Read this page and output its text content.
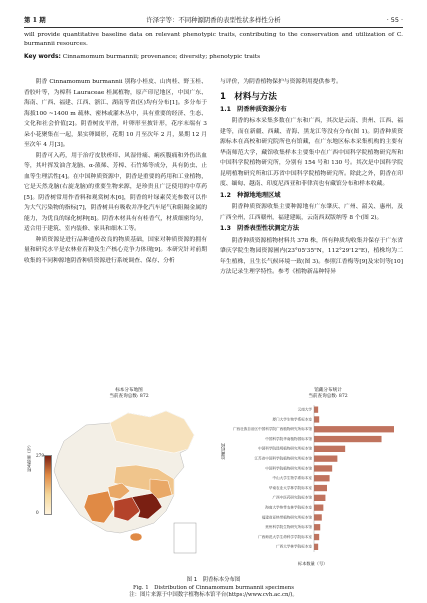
第 1 期	许泽宇等：不同种源阴香的表型性状多样性分析	· 55 ·
will provide quantitative baseline data on relevant phenotypic traits, contributing to the conservation and utilization of C. burmannii resources.
Key words: Cinnamomum burmannii; provenance; diversity; phenotypic traits

阴香 Cinnamomum burmannii 别称小桂皮、山肉桂、野玉桂、香胶叶等，为樟科 Lauraceae 桂属植物，原产印尼地区，中国广东、海南、广西、福建、江西、浙江、湖南等省(区)均有分布[1]。多分布于海拔100 ~1400 m 疏林、密林或灌木丛中，具有重要的经济、生态、文化和社会价值[2]。阴香树皮平滑，叶卵形至披针形，花序末端有 3 朵小花聚集在一起，果实卵圆形，花期 10 月至次年 2 月，果期 12 月至次年 4 月[3]。

阴香可入药，用于治疗皮肤疥痒、风湿骨痛、痢疾腹痛和外伤出血等，其叶挥发油含龙脑、α-蒎烯、芳樟、石竹烯等成分，具有防虫、止血等生理活性[4]。在中国种质资源中，阴香是重要的药用和工业植物，它是天然龙脑(右旋龙脑)的重要生物来源，是珍贵且广泛使用的中草药[5]。阴香树常用作香料和观赏树木[6]，阴香的叶绿素荧光参数可以作为大气污染物的指标[7]，阴香树具有吸收并净化汽车尾气和阻隔金属的能力，为优良的绿化树种[8]。阴香木材具有有桂香气，材质细密均匀，适合用于建筑、室内装修、家具和细木工等。

种质资源是进行品种遗传改良的物质基础，国家对种质资源的拥有量和研究水平是农林业育种及生产核心竞争力体现[9]。本研究针对前期收集的不同种源地阴香种质资源进行系统调查、保存、分析

与评价，为阴香植物保护与资源利用提供参考。

1　材料与方法
1.1　阴香种质资源分布

阴香的标本采集多数在广东和广西，其次是云南、贵州、江西、福建等，而在新疆、西藏、青海、黑龙江等没有分布(图 1)。阴香种质资源标本在高校和研究院所也有馆藏，在广东地区标本采集机构的主要有华南师范大学，藏馆收集样本主要集中在广西中国科学院植物研究所和中国科学院植物研究所，分别有 154 号和 130 号。其次是中国科学院昆明植物研究所和江苏省中国科学院植物研究所。除此之外，阴香在印度、缅甸、越南、印度尼西亚和菲律宾也有藏馆分布和样本收藏。

1.2　种源地地理区域

阴香种质资源收集主要种源地有广东肇庆、广州、韶关、惠州，及广西全州，江西赣州，福建建瓯，云南西双版纳等 8 个(图 2)。

1.3　阴香表型性状测定方法

阴香种质资源植物材料共 378 株，所有种质均收集并保存于广东省肇庆学院生物园资源圃内(23°05'35"N，112°29'12"E)，植株均为二年生植株，且生长气候环境一致(图 3)。参照江香梅等[9]及宋钊等[10]方法记录生理学特性。参考《植物新品种特异

标本分布地图
当前查询总数: 872
标本数量（号） 279
0
馆藏分布统计
当前查询总数: 872
馆藏机构
云南大学
厦门大学生物学系标本室
广西壮族自治区中国科学院广西植物研究所标本馆
中国科学院华南植物园标本馆
中国科学院昆明植物研究所标本馆
江苏省中国科学院植物研究所标本馆
中国科学院植物研究所标本馆
中山大学生物学系标本室
华南农业大学林学院标本室
广西中医药研究院标本馆
海南大学热带农林学院标本室
福建省亚热带植物研究所标本馆
贵州科学院生物研究所标本馆
广西师范大学生命科学学院标本室
广西大学林学院标本室
标本数量（号）
图 1　阴香标本分布图
Fig. 1　Distribution of Cinnamomum burmannii specimens
注：图片来源于中国数字植物标本馆平台(https://www.cvh.ac.cn/)。
